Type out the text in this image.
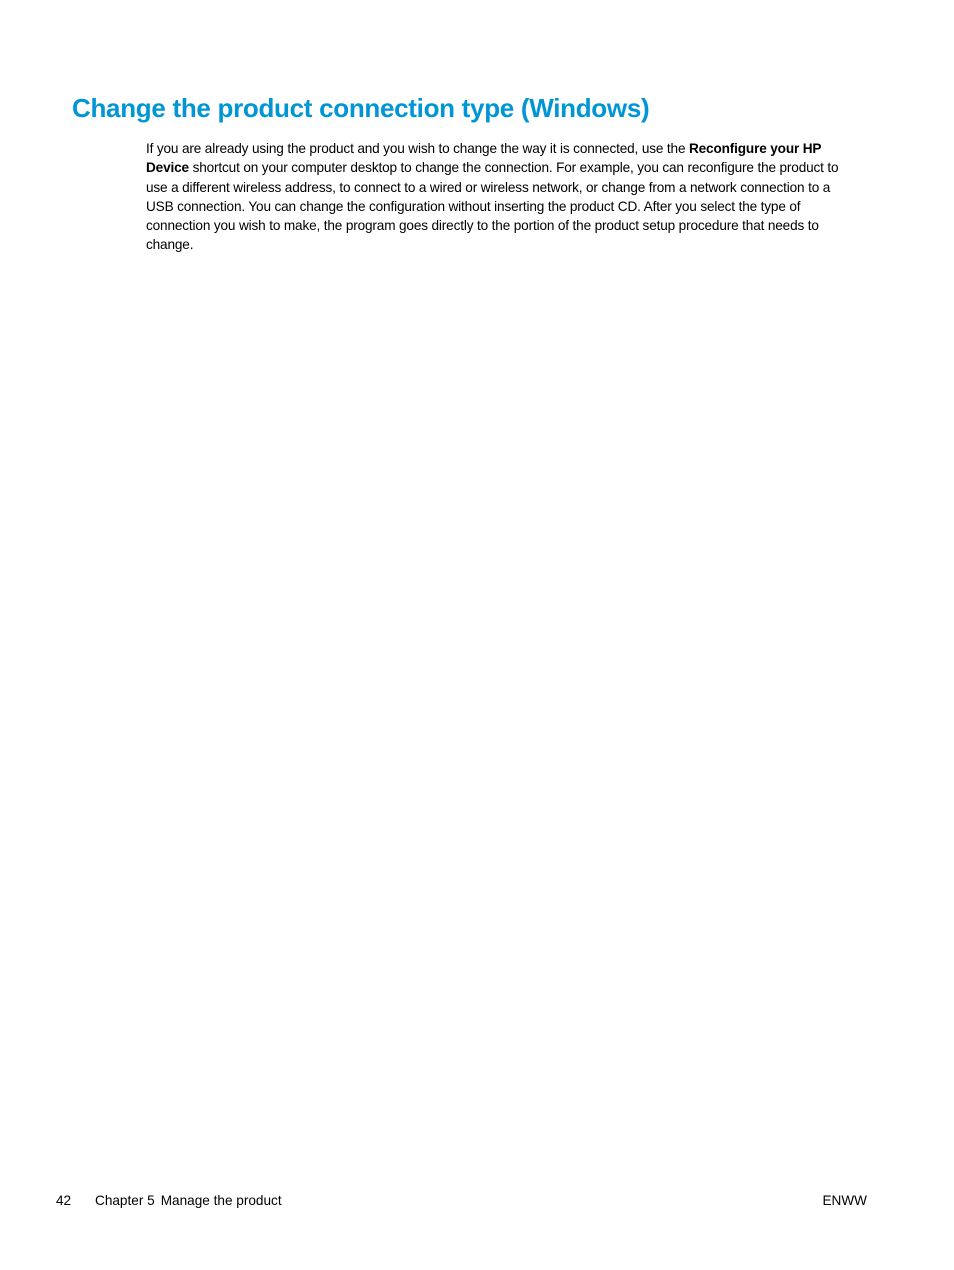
Change the product connection type (Windows)

If you are already using the product and you wish to change the way it is connected, use the Reconfigure your HP Device shortcut on your computer desktop to change the connection. For example, you can reconfigure the product to use a different wireless address, to connect to a wired or wireless network, or change from a network connection to a USB connection. You can change the configuration without inserting the product CD. After you select the type of connection you wish to make, the program goes directly to the portion of the product setup procedure that needs to change.

42 Chapter 5 Manage the product	ENWW
